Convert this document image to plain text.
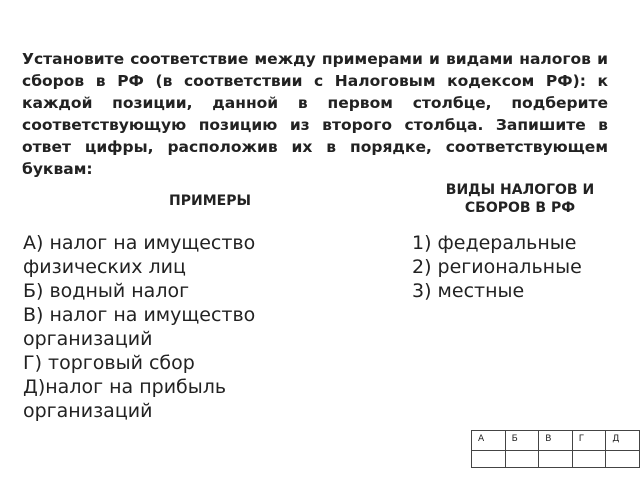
Установите соответствие между примерами и видами налогов и сборов в РФ (в соответствии с Налоговым кодексом РФ): к каждой позиции, данной в первом столбце, подберите соответствующую позицию из второго столбца. Запишите в ответ цифры, расположив их в порядке, соответствующем буквам:

ПРИМЕРЫ

ВИДЫ НАЛОГОВ И СБОРОВ В РФ

А) налог на имущество физических лиц
Б) водный налог
В) налог на имущество организаций
Г) торговый сбор
Д)налог на прибыль организаций
1) федеральные
2) региональные
3) местные
А	Б	В	Г	Д
